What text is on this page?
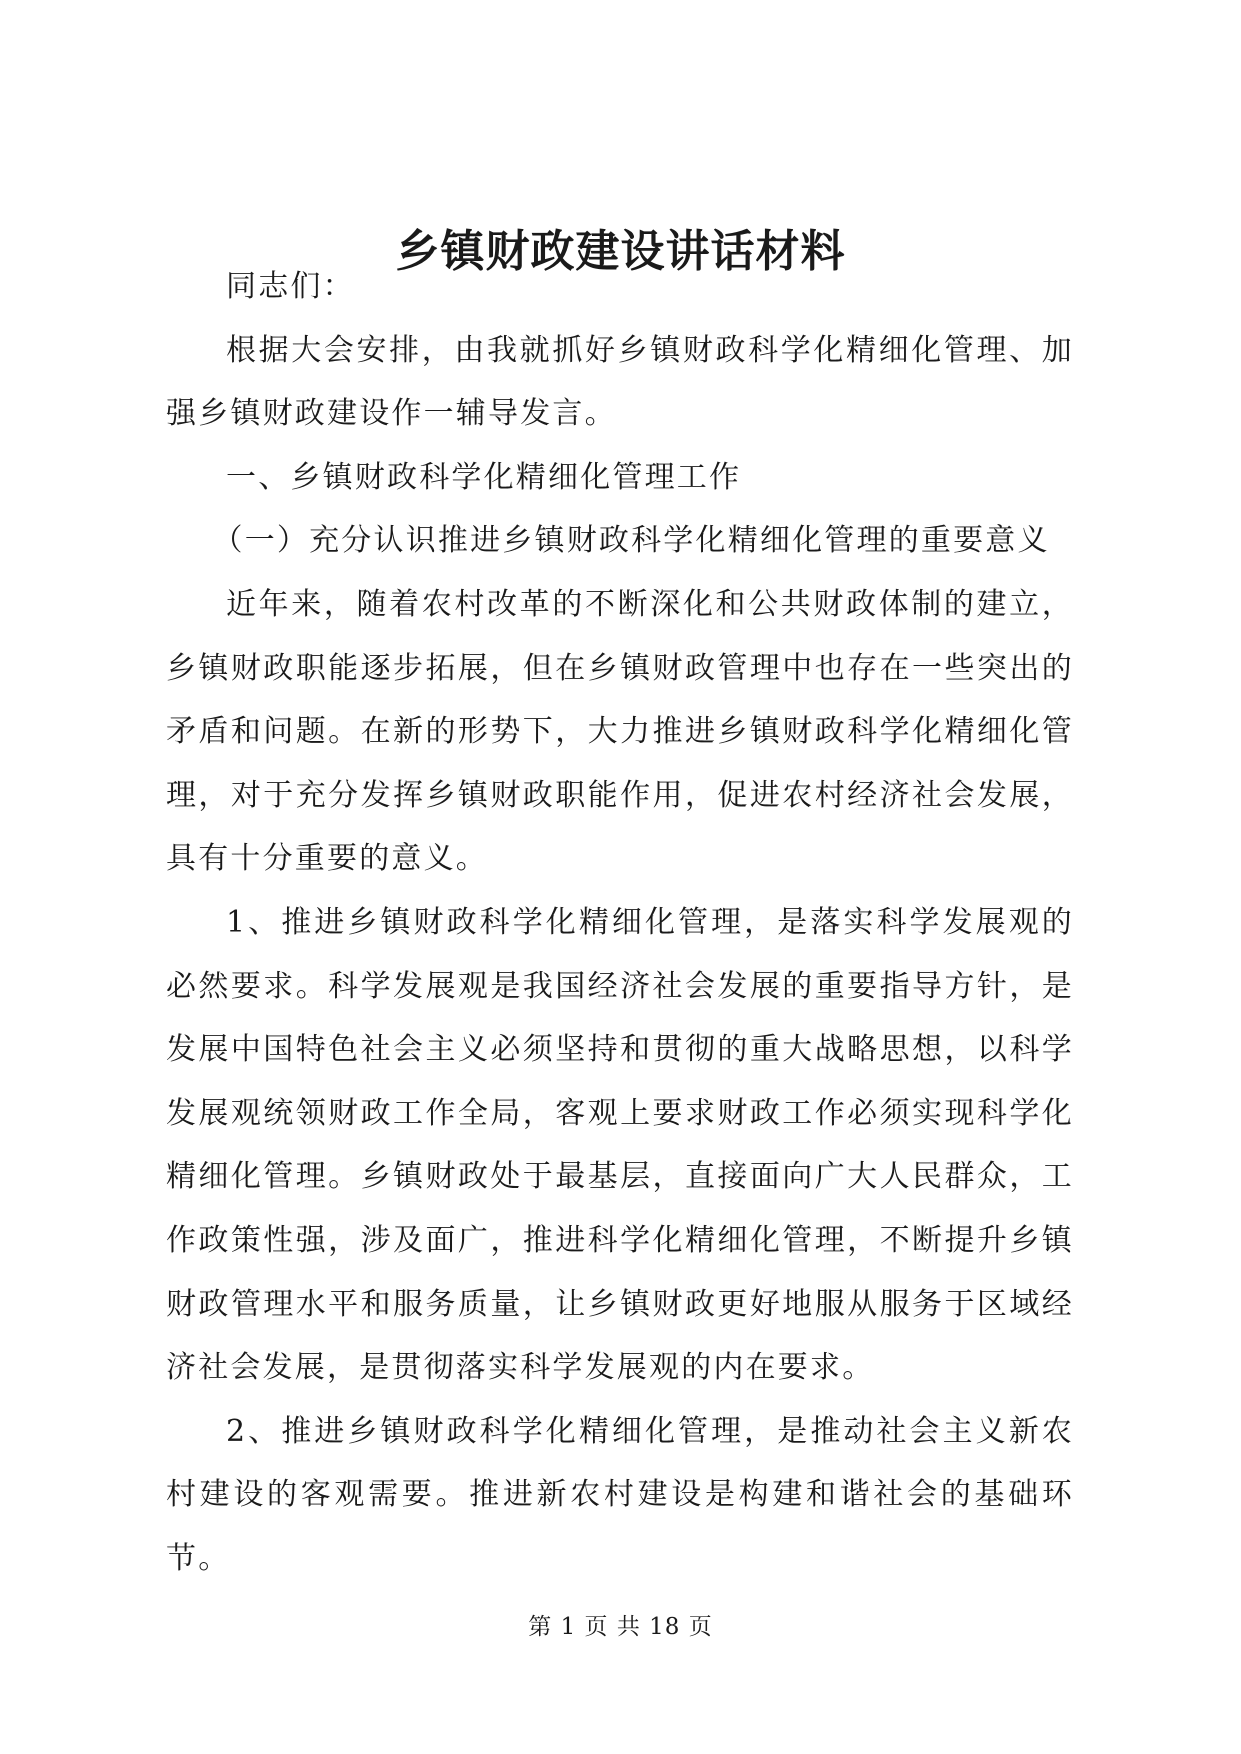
乡镇财政建设讲话材料

同志们：

根据大会安排，由我就抓好乡镇财政科学化精细化管理、加强乡镇财政建设作一辅导发言。

一、乡镇财政科学化精细化管理工作

（一）充分认识推进乡镇财政科学化精细化管理的重要意义

近年来，随着农村改革的不断深化和公共财政体制的建立，乡镇财政职能逐步拓展，但在乡镇财政管理中也存在一些突出的矛盾和问题。在新的形势下，大力推进乡镇财政科学化精细化管理，对于充分发挥乡镇财政职能作用，促进农村经济社会发展，具有十分重要的意义。

1、推进乡镇财政科学化精细化管理，是落实科学发展观的必然要求。科学发展观是我国经济社会发展的重要指导方针，是发展中国特色社会主义必须坚持和贯彻的重大战略思想，以科学发展观统领财政工作全局，客观上要求财政工作必须实现科学化精细化管理。乡镇财政处于最基层，直接面向广大人民群众，工作政策性强，涉及面广，推进科学化精细化管理，不断提升乡镇财政管理水平和服务质量，让乡镇财政更好地服从服务于区域经济社会发展，是贯彻落实科学发展观的内在要求。

2、推进乡镇财政科学化精细化管理，是推动社会主义新农村建设的客观需要。推进新农村建设是构建和谐社会的基础环节。

第 1 页 共 18 页
